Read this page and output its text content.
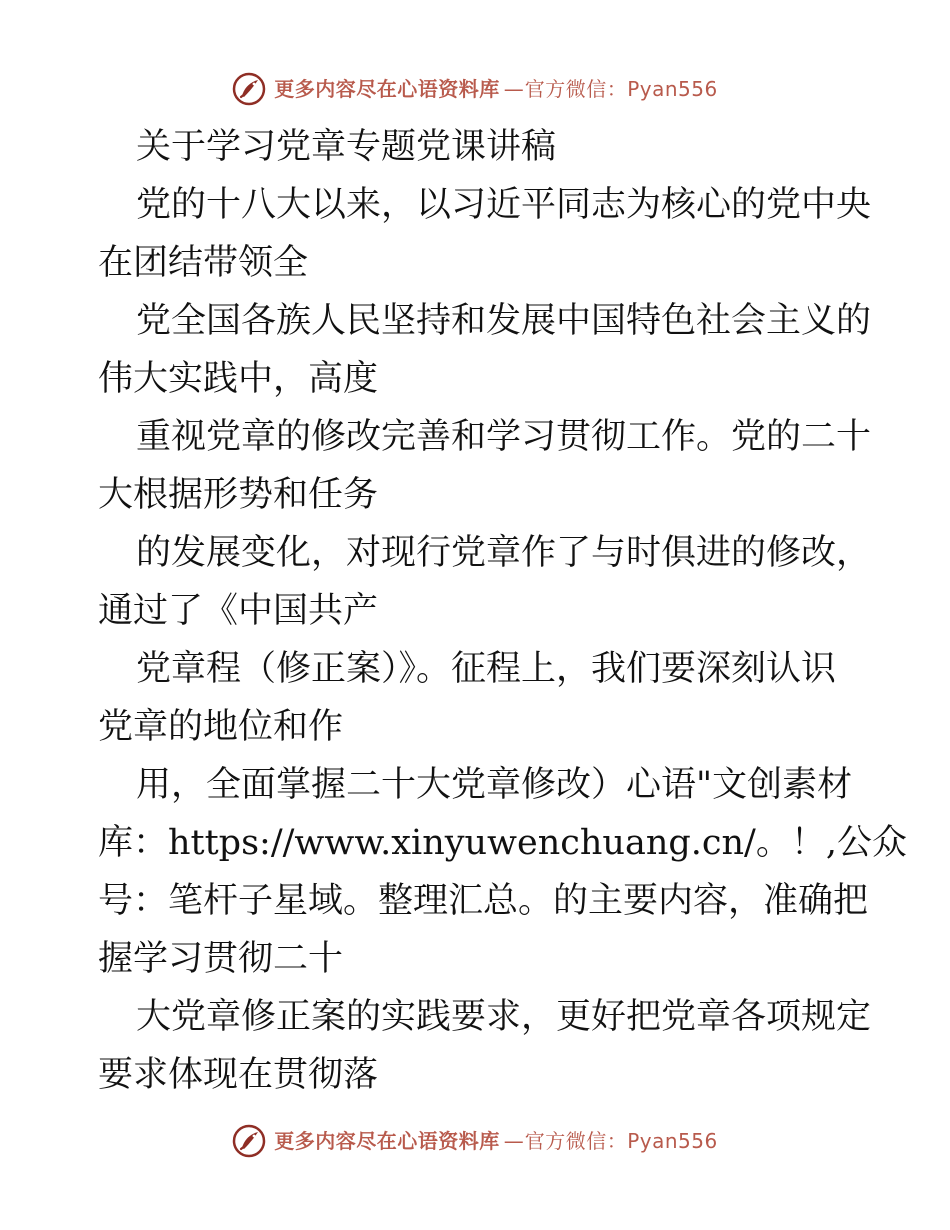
更多内容尽在心语资料库 — 官方微信：Pyan556
关于学习党章专题党课讲稿
党的十八大以来，以习近平同志为核心的党中央
在团结带领全
党全国各族人民坚持和发展中国特色社会主义的
伟大实践中，高度
重视党章的修改完善和学习贯彻工作。党的二十
大根据形势和任务
的发展变化，对现行党章作了与时俱进的修改，
通过了《中国共产
党章程（修正案）》。征程上，我们要深刻认识
党章的地位和作
用，全面掌握二十大党章修改）心语"文创素材
库：https://www.xinyuwenchuang.cn/。！,公众
号：笔杆子星域。整理汇总。的主要内容，准确把
握学习贯彻二十
大党章修正案的实践要求，更好把党章各项规定
要求体现在贯彻落
更多内容尽在心语资料库 — 官方微信：Pyan556
